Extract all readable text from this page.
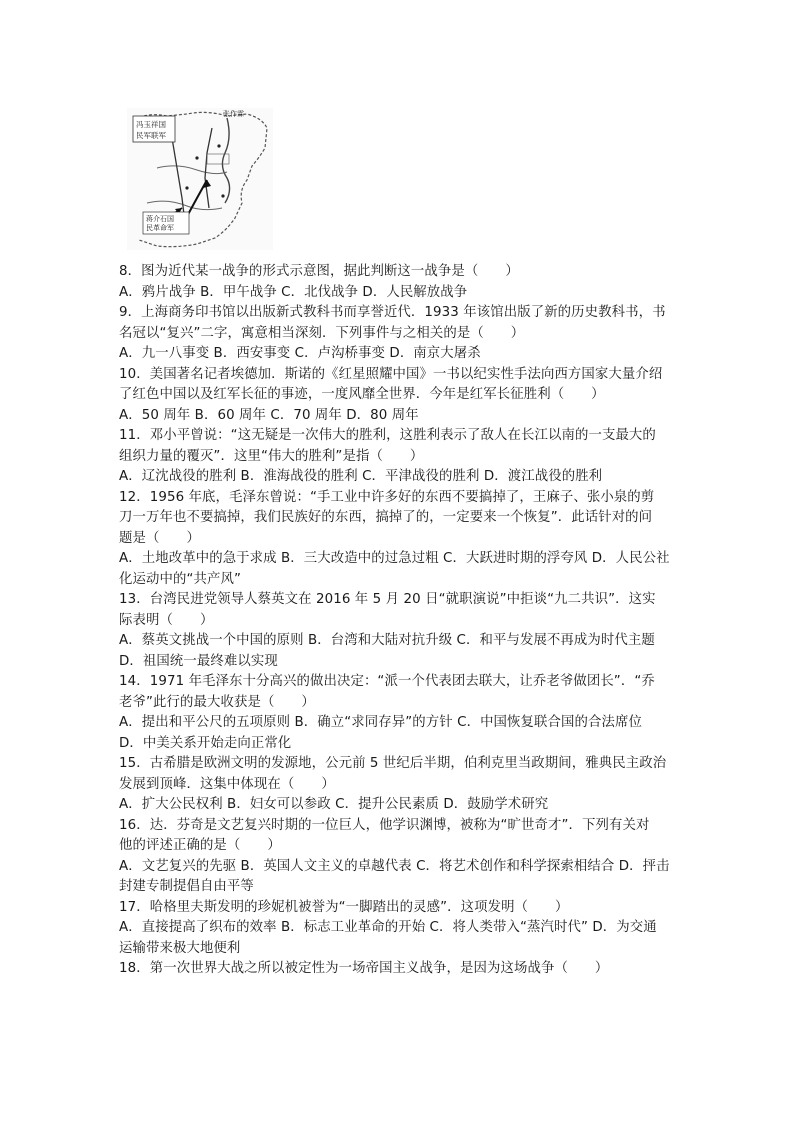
冯玉祥国
民军联军
张作霖
蒋介石国
民革命军
8．图为近代某一战争的形式示意图，据此判断这一战争是（　　）
A．鸦片战争 B．甲午战争 C．北伐战争 D．人民解放战争
9．上海商务印书馆以出版新式教科书而享誉近代．1933 年该馆出版了新的历史教科书，书
名冠以“复兴”二字，寓意相当深刻．下列事件与之相关的是（　　）
A．九一八事变 B．西安事变 C．卢沟桥事变 D．南京大屠杀
10．美国著名记者埃德加．斯诺的《红星照耀中国》一书以纪实性手法向西方国家大量介绍
了红色中国以及红军长征的事迹，一度风靡全世界．今年是红军长征胜利（　　）
A．50 周年 B．60 周年 C．70 周年 D．80 周年
11．邓小平曾说：“这无疑是一次伟大的胜利，这胜利表示了敌人在长江以南的一支最大的
组织力量的覆灭”．这里“伟大的胜利”是指（　　）
A．辽沈战役的胜利 B．淮海战役的胜利 C．平津战役的胜利 D．渡江战役的胜利
12．1956 年底，毛泽东曾说：“手工业中许多好的东西不要搞掉了，王麻子、张小泉的剪
刀一万年也不要搞掉，我们民族好的东西，搞掉了的，一定要来一个恢复”．此话针对的问
题是（　　）
A．土地改革中的急于求成 B．三大改造中的过急过粗 C．大跃进时期的浮夸风 D．人民公社
化运动中的“共产风”
13．台湾民进党领导人蔡英文在 2016 年 5 月 20 日“就职演说”中拒谈“九二共识”．这实
际表明（　　）
A．蔡英文挑战一个中国的原则 B．台湾和大陆对抗升级 C．和平与发展不再成为时代主题
D．祖国统一最终难以实现
14．1971 年毛泽东十分高兴的做出决定：“派一个代表团去联大，让乔老爷做团长”．“乔
老爷”此行的最大收获是（　　）
A．提出和平公尺的五项原则 B．确立“求同存异”的方针 C．中国恢复联合国的合法席位
D．中美关系开始走向正常化
15．古希腊是欧洲文明的发源地，公元前 5 世纪后半期，伯利克里当政期间，雅典民主政治
发展到顶峰．这集中体现在（　　）
A．扩大公民权利 B．妇女可以参政 C．提升公民素质 D．鼓励学术研究
16．达．芬奇是文艺复兴时期的一位巨人，他学识渊博，被称为“旷世奇才”．下列有关对
他的评述正确的是（　　）
A．文艺复兴的先驱 B．英国人文主义的卓越代表 C．将艺术创作和科学探索相结合 D．抨击
封建专制提倡自由平等
17．哈格里夫斯发明的珍妮机被誉为“一脚踏出的灵感”．这项发明（　　）
A．直接提高了织布的效率 B．标志工业革命的开始 C．将人类带入“蒸汽时代” D．为交通
运输带来极大地便利
18．第一次世界大战之所以被定性为一场帝国主义战争，是因为这场战争（　　）
